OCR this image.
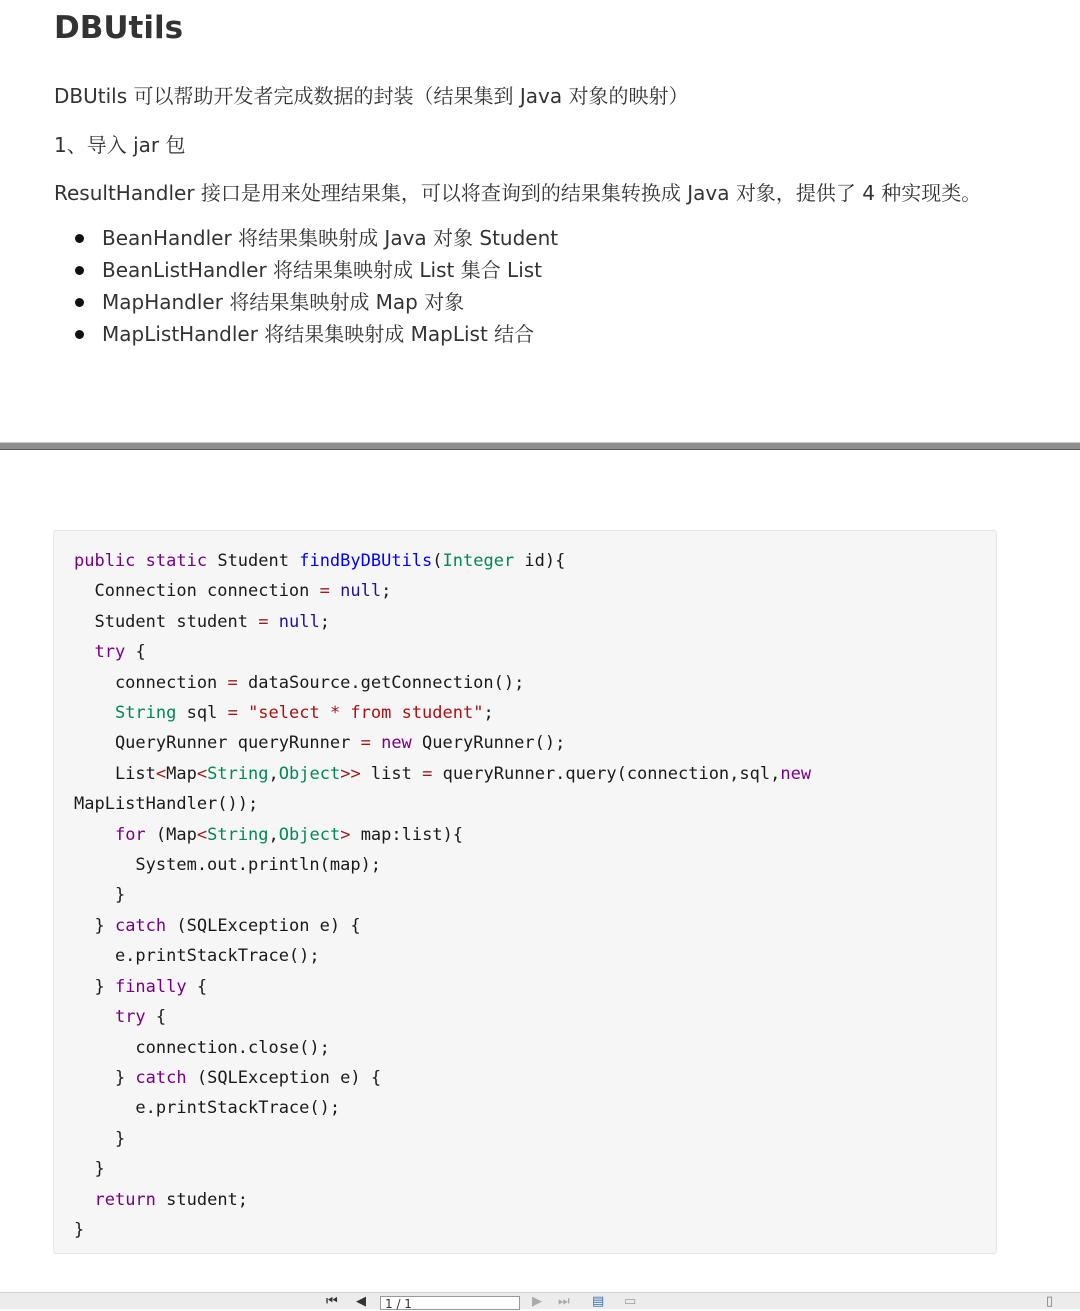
DBUtils

DBUtils 可以帮助开发者完成数据的封装（结果集到 Java 对象的映射）

1、导入 jar 包

ResultHandler 接口是用来处理结果集，可以将查询到的结果集转换成 Java 对象，提供了 4 种实现类。

BeanHandler 将结果集映射成 Java 对象 Student
BeanListHandler 将结果集映射成 List 集合 List
MapHandler 将结果集映射成 Map 对象
MapListHandler 将结果集映射成 MapList 结合
public static Student findByDBUtils(Integer id){
Connection connection = null;
Student student = null;
try {
connection = dataSource.getConnection();
String sql = "select * from student";
QueryRunner queryRunner = new QueryRunner();
List<Map<String,Object>> list = queryRunner.query(connection,sql,new
MapListHandler());
for (Map<String,Object> map:list){
System.out.println(map);
}
} catch (SQLException e) {
e.printStackTrace();
} finally {
try {
connection.close();
} catch (SQLException e) {
e.printStackTrace();
}
}
return student;
}
⏮ ◀	1 / 1	▶ ⏭ ▤ ▭	▯
